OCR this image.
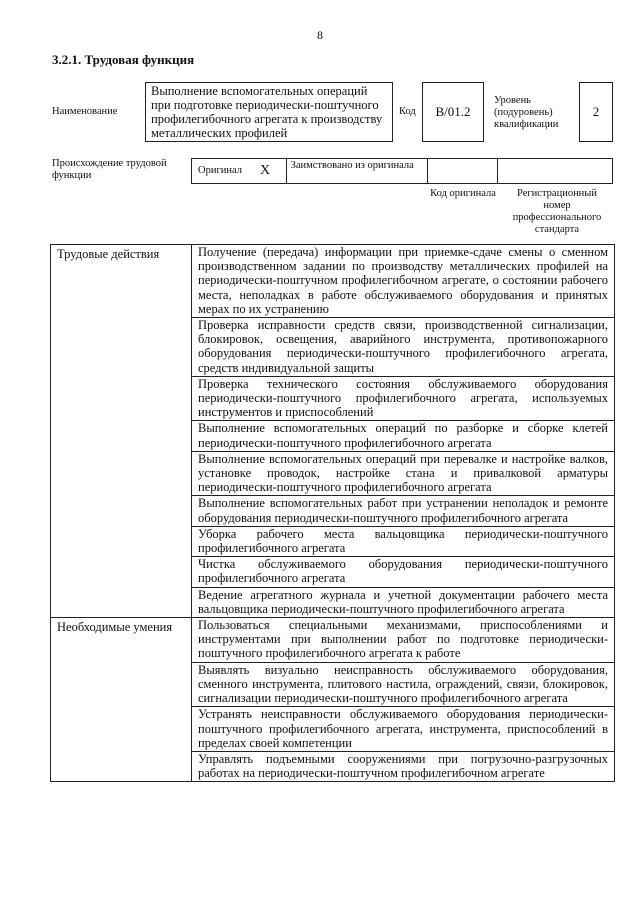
8
3.2.1. Трудовая функция
Наименование
Выполнение вспомогательных операций при подготовке периодически-поштучного профилегибочного агрегата к производству металлических профилей
Код	B/01.2
Уровень (подуровень) квалификации
2
Происхождение трудовой функции	Оригинал X	Заимствовано из оригинала
Код оригинала	Регистрационный номер профессионального стандарта
Трудовые действия	Получение (передача) информации при приемке-сдаче смены о сменном производственном задании по производству металлических профилей на периодически-поштучном профилегибочном агрегате, о состоянии рабочего места, неполадках в работе обслуживаемого оборудования и принятых мерах по их устранению
	Проверка исправности средств связи, производственной сигнализации, блокировок, освещения, аварийного инструмента, противопожарного оборудования периодически-поштучного профилегибочного агрегата, средств индивидуальной защиты
	Проверка технического состояния обслуживаемого оборудования периодически-поштучного профилегибочного агрегата, используемых инструментов и приспособлений
	Выполнение вспомогательных операций по разборке и сборке клетей периодически-поштучного профилегибочного агрегата
	Выполнение вспомогательных операций при перевалке и настройке валков, установке проводок, настройке стана и привалковой арматуры периодически-поштучного профилегибочного агрегата
	Выполнение вспомогательных работ при устранении неполадок и ремонте оборудования периодически-поштучного профилегибочного агрегата
	Уборка рабочего места вальцовщика периодически-поштучного профилегибочного агрегата
	Чистка обслуживаемого оборудования периодически-поштучного профилегибочного агрегата
	Ведение агрегатного журнала и учетной документации рабочего места вальцовщика периодически-поштучного профилегибочного агрегата
Необходимые умения	Пользоваться специальными механизмами, приспособлениями и инструментами при выполнении работ по подготовке периодически-поштучного профилегибочного агрегата к работе
	Выявлять визуально неисправность обслуживаемого оборудования, сменного инструмента, плитового настила, ограждений, связи, блокировок, сигнализации периодически-поштучного профилегибочного агрегата
	Устранять неисправности обслуживаемого оборудования периодически-поштучного профилегибочного агрегата, инструмента, приспособлений в пределах своей компетенции
	Управлять подъемными сооружениями при погрузочно-разгрузочных работах на периодически-поштучном профилегибочном агрегате
